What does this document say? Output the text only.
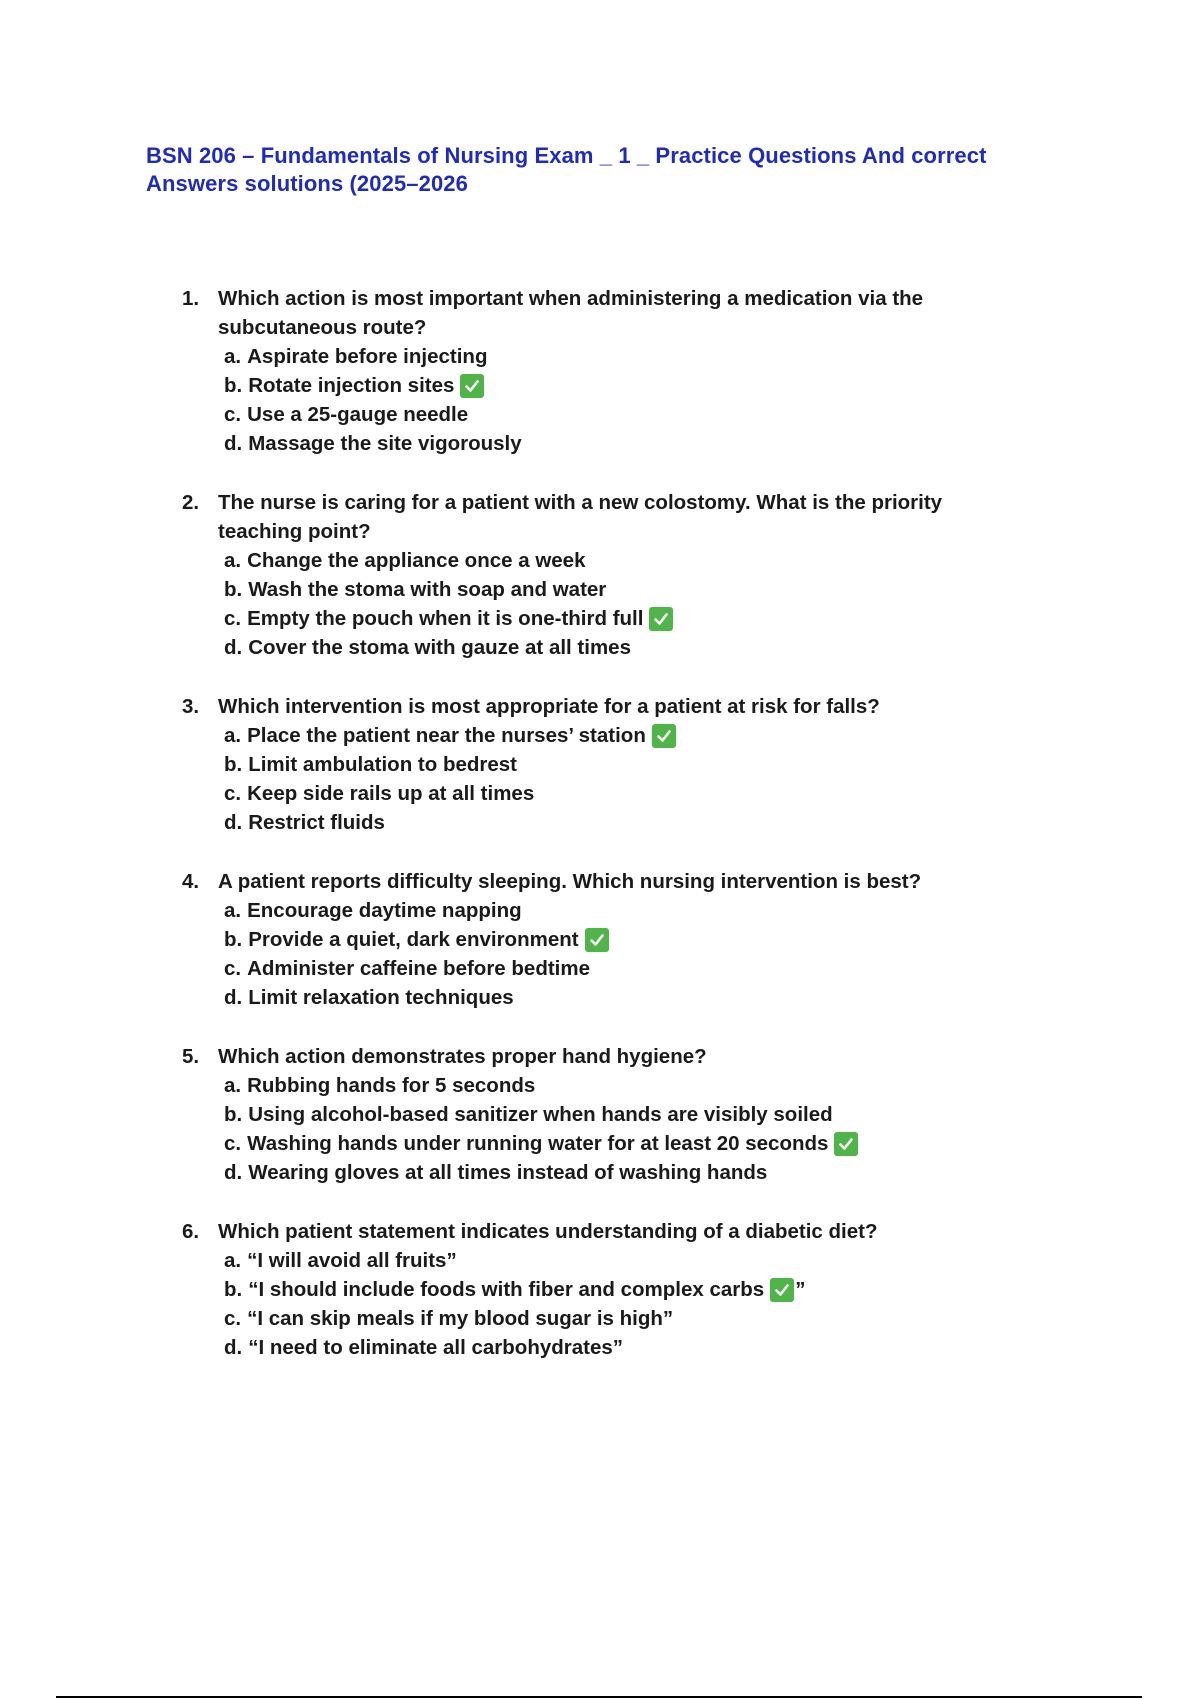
BSN 206 – Fundamentals of Nursing Exam _ 1 _ Practice Questions And correct Answers solutions (2025–2026
1. Which action is most important when administering a medication via the subcutaneous route?
a. Aspirate before injecting
b. Rotate injection sites
c. Use a 25-gauge needle
d. Massage the site vigorously
2. The nurse is caring for a patient with a new colostomy. What is the priority teaching point?
a. Change the appliance once a week
b. Wash the stoma with soap and water
c. Empty the pouch when it is one-third full
d. Cover the stoma with gauze at all times
3. Which intervention is most appropriate for a patient at risk for falls?
a. Place the patient near the nurses’ station
b. Limit ambulation to bedrest
c. Keep side rails up at all times
d. Restrict fluids
4. A patient reports difficulty sleeping. Which nursing intervention is best?
a. Encourage daytime napping
b. Provide a quiet, dark environment
c. Administer caffeine before bedtime
d. Limit relaxation techniques
5. Which action demonstrates proper hand hygiene?
a. Rubbing hands for 5 seconds
b. Using alcohol-based sanitizer when hands are visibly soiled
c. Washing hands under running water for at least 20 seconds
d. Wearing gloves at all times instead of washing hands
6. Which patient statement indicates understanding of a diabetic diet?
a. “I will avoid all fruits”
b. “I should include foods with fiber and complex carbs ”
c. “I can skip meals if my blood sugar is high”
d. “I need to eliminate all carbohydrates”
